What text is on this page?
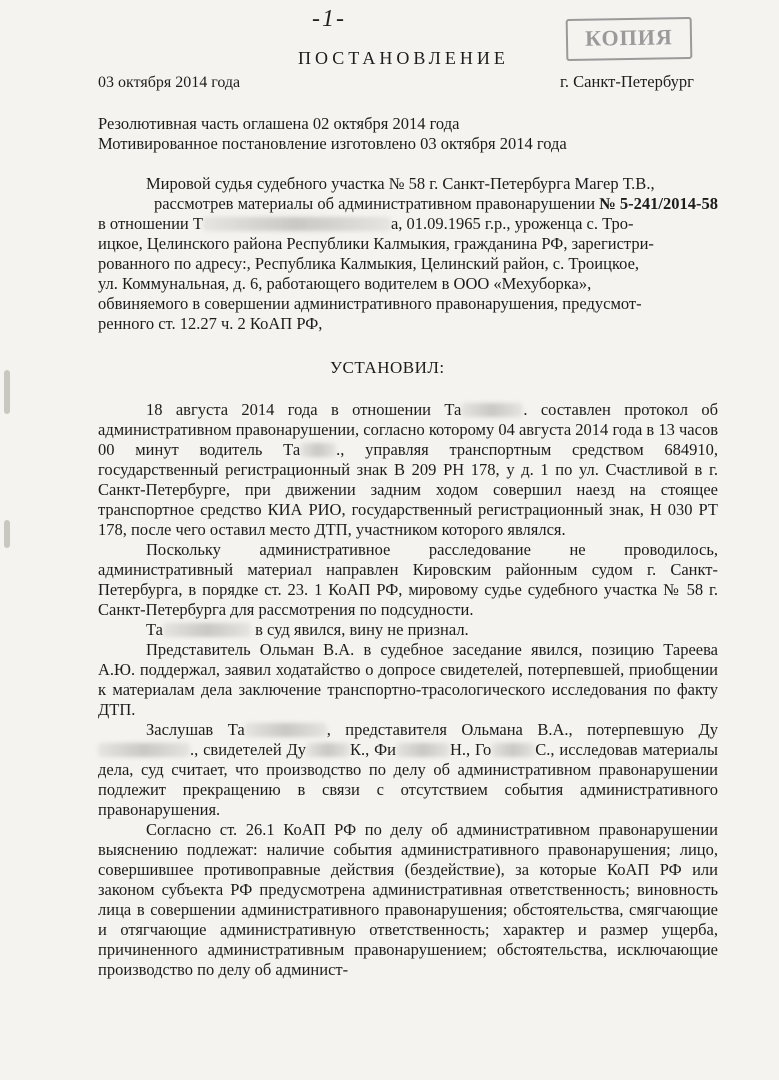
-1-
КОПИЯ
ПОСТАНОВЛЕНИЕ
03 октября 2014 года	г. Санкт-Петербург
Резолютивная часть оглашена 02 октября 2014 года
Мотивированное постановление изготовлено 03 октября 2014 года

Мировой судья судебного участка № 58 г. Санкт-Петербурга Магер Т.В.,

рассмотрев материалы об административном правонарушении № 5-241/2014-58

в отношении Т	а, 01.09.1965 г.р., уроженца с. Тро-

ицкое, Целинского района Республики Калмыкия, гражданина РФ, зарегистри-

рованного по адресу:, Республика Калмыкия, Целинский район, с. Троицкое,

ул. Коммунальная, д. 6, работающего водителем в ООО «Мехуборка»,

обвиняемого в совершении административного правонарушения, предусмот-

ренного ст. 12.27 ч. 2 КоАП РФ,

УСТАНОВИЛ:

18 августа 2014 года в отношении Та	. составлен протокол об административном правонарушении, согласно которому 04 августа 2014 года в 13 часов 00 минут водитель Та ., управляя транспортным средством 684910, государственный регистрационный знак В 209 РН 178, у д. 1 по ул. Счастливой в г. Санкт-Петербурге, при движении задним ходом совершил наезд на стоящее транспортное средство КИА РИО, государственный регистрационный знак, Н 030 РТ 178, после чего оставил место ДТП, участником которого являлся.

Поскольку административное расследование не проводилось, административный материал направлен Кировским районным судом г. Санкт-Петербурга, в порядке ст. 23. 1 КоАП РФ, мировому судье судебного участка № 58 г. Санкт-Петербурга для рассмотрения по подсудности.

Та	в суд явился, вину не признал.

Представитель Ольман В.А. в судебное заседание явился, позицию Тареева А.Ю. поддержал, заявил ходатайство о допросе свидетелей, потерпевшей, приобщении к материалам дела заключение транспортно-трасологического исследования по факту ДТП.

Заслушав Та	, представителя Ольмана В.А., потерпевшую Ду., свидетелей Ду	К., Фи	Н., Го	С., исследовав материалы дела, суд считает, что производство по делу об административном правонарушении подлежит прекращению в связи с отсутствием события административного правонарушения.

Согласно ст. 26.1 КоАП РФ по делу об административном правонарушении выяснению подлежат: наличие события административного правонарушения; лицо, совершившее противоправные действия (бездействие), за которые КоАП РФ или законом субъекта РФ предусмотрена административная ответственность; виновность лица в совершении административного правонарушения; обстоятельства, смягчающие и отягчающие административную ответственность; характер и размер ущерба, причиненного административным правонарушением; обстоятельства, исключающие производство по делу об админист-
